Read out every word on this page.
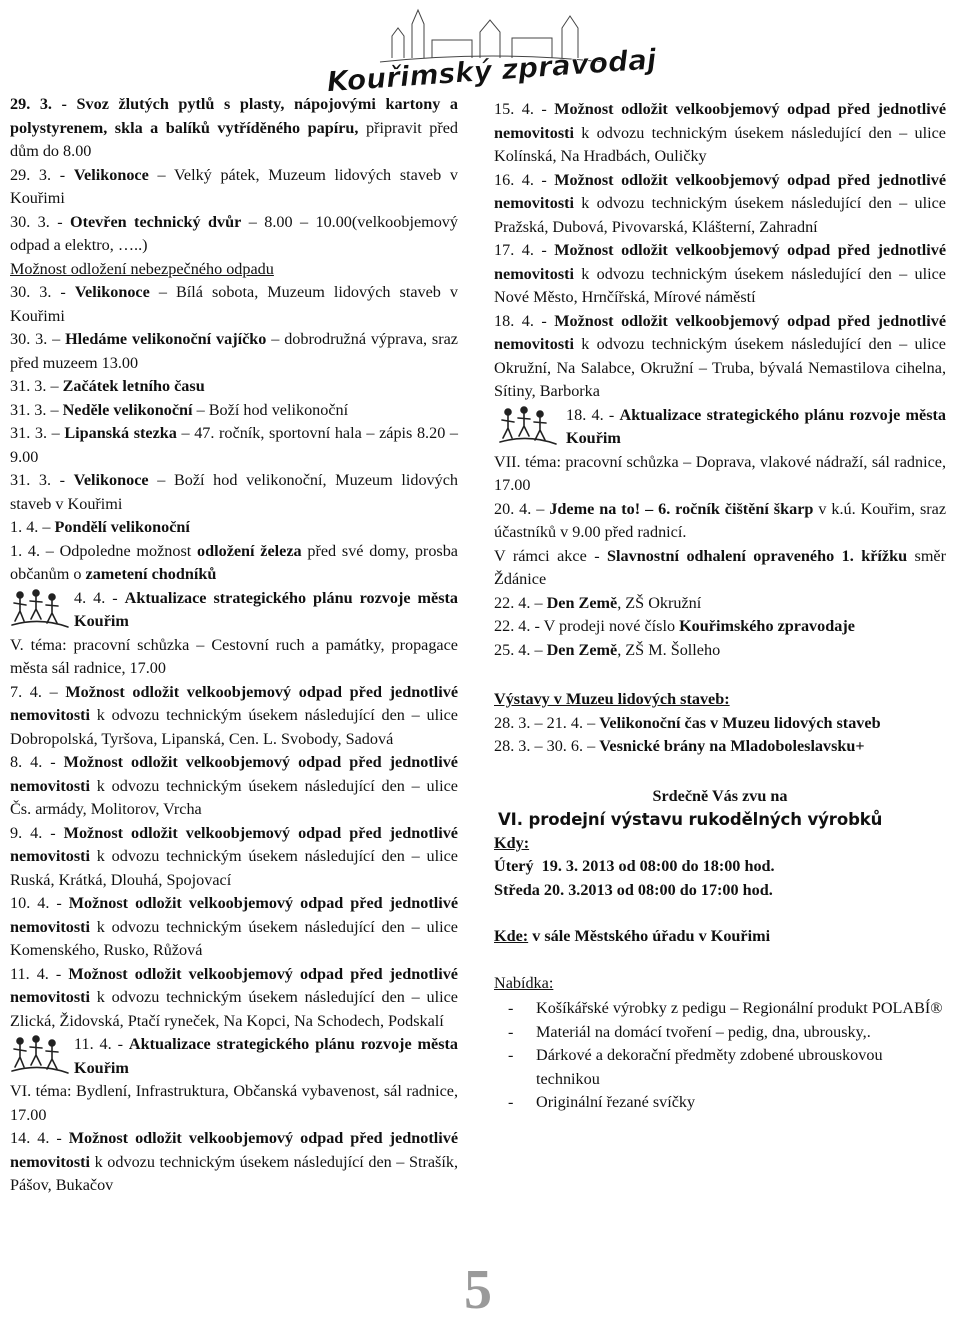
Kouřimský zpravodaj

29. 3. - Svoz žlutých pytlů s plasty, nápojovými kartony a polystyrenem, skla a balíků vytříděného papíru, připravit před dům do 8.00

29. 3. - Velikonoce – Velký pátek, Muzeum lidových staveb v Kouřimi

30. 3. - Otevřen technický dvůr – 8.00 – 10.00(velkoobjemový odpad a elektro, …..)

Možnost odložení nebezpečného odpadu

30. 3. - Velikonoce – Bílá sobota, Muzeum lidových staveb v Kouřimi

30. 3. – Hledáme velikonoční vajíčko – dobrodružná výprava, sraz před muzeem 13.00

31. 3. – Začátek letního času

31. 3. – Neděle velikonoční – Boží hod velikonoční

31. 3. – Lipanská stezka – 47. ročník, sportovní hala – zápis 8.20 – 9.00

31. 3. - Velikonoce – Boží hod velikonoční, Muzeum lidových staveb v Kouřimi

1. 4. – Pondělí velikonoční

1. 4. – Odpoledne možnost odložení železa před své domy, prosba občanům o zametení chodníků

4. 4. - Aktualizace strategického plánu rozvoje města Kouřim

V. téma: pracovní schůzka – Cestovní ruch a památky, propagace města sál radnice, 17.00

7. 4. – Možnost odložit velkoobjemový odpad před jednotlivé nemovitosti k odvozu technickým úsekem následující den – ulice Dobropolská, Tyršova, Lipanská, Cen. L. Svobody, Sadová

8. 4. - Možnost odložit velkoobjemový odpad před jednotlivé nemovitosti k odvozu technickým úsekem následující den – ulice Čs. armády, Molitorov, Vrcha

9. 4. - Možnost odložit velkoobjemový odpad před jednotlivé nemovitosti k odvozu technickým úsekem následující den – ulice Ruská, Krátká, Dlouhá, Spojovací

10. 4. - Možnost odložit velkoobjemový odpad před jednotlivé nemovitosti k odvozu technickým úsekem následující den – ulice Komenského, Rusko, Růžová

11. 4. - Možnost odložit velkoobjemový odpad před jednotlivé nemovitosti k odvozu technickým úsekem následující den – ulice Zlická, Židovská, Ptačí ryneček, Na Kopci, Na Schodech, Podskalí

11. 4. - Aktualizace strategického plánu rozvoje města Kouřim

VI. téma: Bydlení, Infrastruktura, Občanská vybavenost, sál radnice, 17.00

14. 4. - Možnost odložit velkoobjemový odpad před jednotlivé nemovitosti k odvozu technickým úsekem následující den – Strašík, Pášov, Bukačov

15. 4. - Možnost odložit velkoobjemový odpad před jednotlivé nemovitosti k odvozu technickým úsekem následující den – ulice Kolínská, Na Hradbách, Ouličky

16. 4. - Možnost odložit velkoobjemový odpad před jednotlivé nemovitosti k odvozu technickým úsekem následující den – ulice Pražská, Dubová, Pivovarská, Klášterní, Zahradní

17. 4. - Možnost odložit velkoobjemový odpad před jednotlivé nemovitosti k odvozu technickým úsekem následující den – ulice Nové Město, Hrnčířská, Mírové náměstí

18. 4. - Možnost odložit velkoobjemový odpad před jednotlivé nemovitosti k odvozu technickým úsekem následující den – ulice Okružní, Na Salabce, Okružní – Truba, bývalá Nemastilova cihelna, Sítiny, Barborka

18. 4. - Aktualizace strategického plánu rozvoje města Kouřim

VII. téma: pracovní schůzka – Doprava, vlakové nádraží, sál radnice, 17.00

20. 4. – Jdeme na to! – 6. ročník čištění škarp v k.ú. Kouřim, sraz účastníků v 9.00 před radnicí.

V rámci akce - Slavnostní odhalení opraveného 1. křížku směr Ždánice

22. 4. – Den Země, ZŠ Okružní

22. 4. - V prodeji nové číslo Kouřimského zpravodaje

25. 4. – Den Země, ZŠ M. Šolleho

Výstavy v Muzeu lidových staveb:

28. 3. – 21. 4. – Velikonoční čas v Muzeu lidových staveb

28. 3. – 30. 6. – Vesnické brány na Mladoboleslavsku+

Srdečně Vás zvu na

VI. prodejní výstavu rukodělných výrobků

Kdy:

Úterý 19. 3. 2013 od 08:00 do 18:00 hod.

Středa 20. 3.2013 od 08:00 do 17:00 hod.

Kde: v sále Městského úřadu v Kouřimi

Nabídka:

-	Košíkářské výrobky z pedigu – Regionální produkt POLABÍ®
-	Materiál na domácí tvoření – pedig, dna, ubrousky,.
-	Dárkové a dekorační předměty zdobené ubrouskovou technikou
-	Originální řezané svíčky
5
